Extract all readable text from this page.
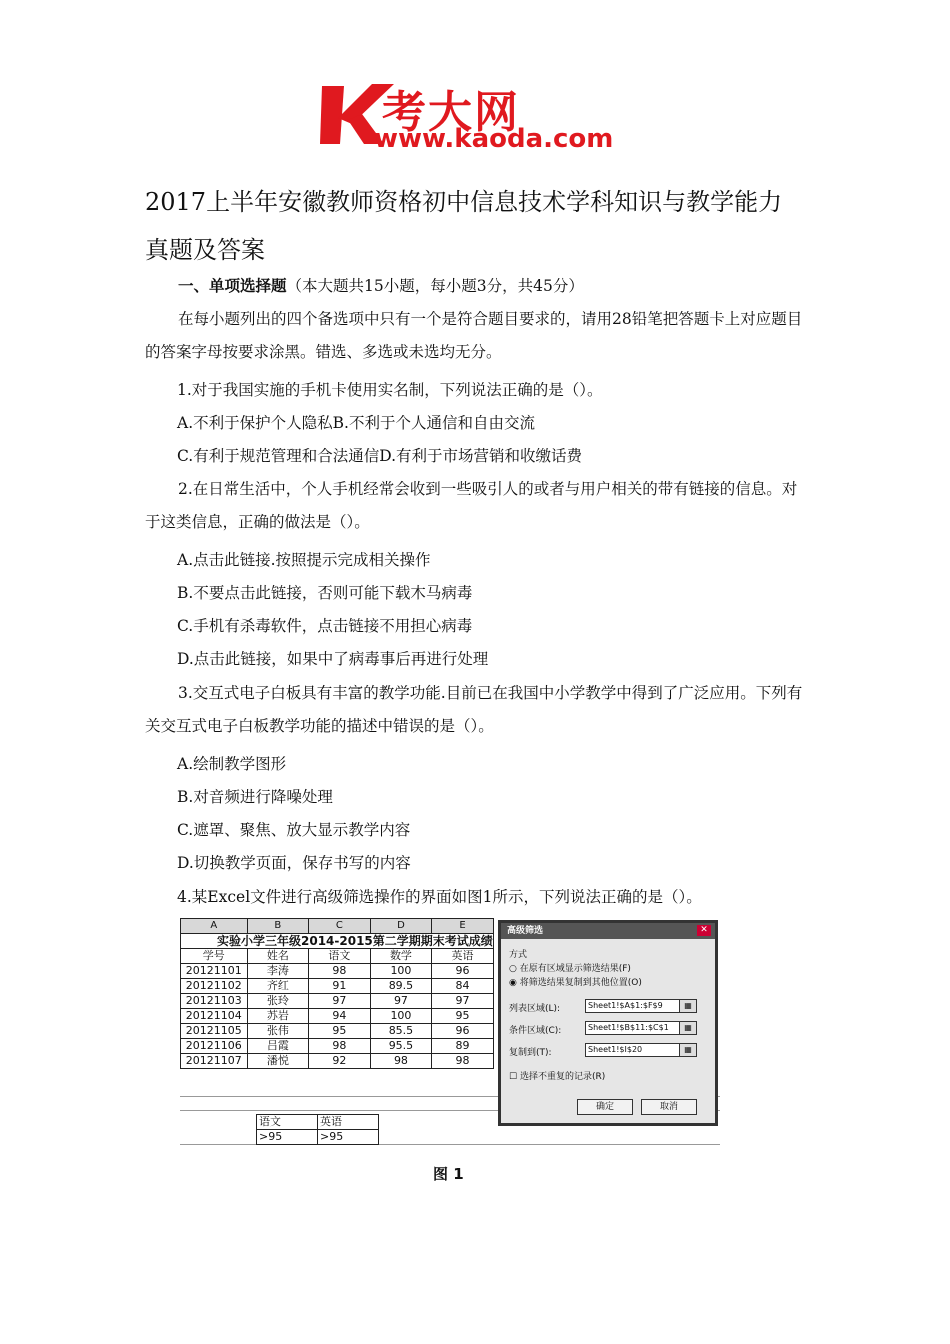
考大网
www.kaoda.com
2017上半年安徽教师资格初中信息技术学科知识与教学能力真题及答案
一、单项选择题（本大题共15小题，每小题3分，共45分）
在每小题列出的四个备选项中只有一个是符合题目要求的，请用28铅笔把答题卡上对应题目的答案字母按要求涂黑。错选、多选或未选均无分。
1.对于我国实施的手机卡使用实名制，下列说法正确的是（）。
A.不利于保护个人隐私B.不利于个人通信和自由交流
C.有利于规范管理和合法通信D.有利于市场营销和收缴话费
2.在日常生活中，个人手机经常会收到一些吸引人的或者与用户相关的带有链接的信息。对于这类信息，正确的做法是（）。
A.点击此链接.按照提示完成相关操作
B.不要点击此链接，否则可能下载木马病毒
C.手机有杀毒软件，点击链接不用担心病毒
D.点击此链接，如果中了病毒事后再进行处理
3.交互式电子白板具有丰富的教学功能.目前已在我国中小学教学中得到了广泛应用。下列有关交互式电子白板教学功能的描述中错误的是（）。
A.绘制教学图形
B.对音频进行降噪处理
C.遮罩、聚焦、放大显示教学内容
D.切换教学页面，保存书写的内容
4.某Excel文件进行高级筛选操作的界面如图1所示，下列说法正确的是（）。
A	B	C	D	E
实验小学三年级2014-2015第二学期期末考试成绩				
学号	姓名	语文	数学	英语
20121101	李涛	98	100	96
20121102	齐红	91	89.5	84
20121103	张玲	97	97	97
20121104	苏岩	94	100	95
20121105	张伟	95	85.5	96
20121106	吕霞	98	95.5	89
20121107	潘悦	92	98	98
语文	英语
>95	>95
高级筛选	✕
方式
○ 在原有区域显示筛选结果(F)
◉ 将筛选结果复制到其他位置(O)
列表区域(L):	Sheet1!$A$1:$F$9	▦
条件区域(C):	Sheet1!$B$11:$C$1	▦
复制到(T):	Sheet1!$I$20	▦
☐ 选择不重复的记录(R)
确定	取消
图 1
